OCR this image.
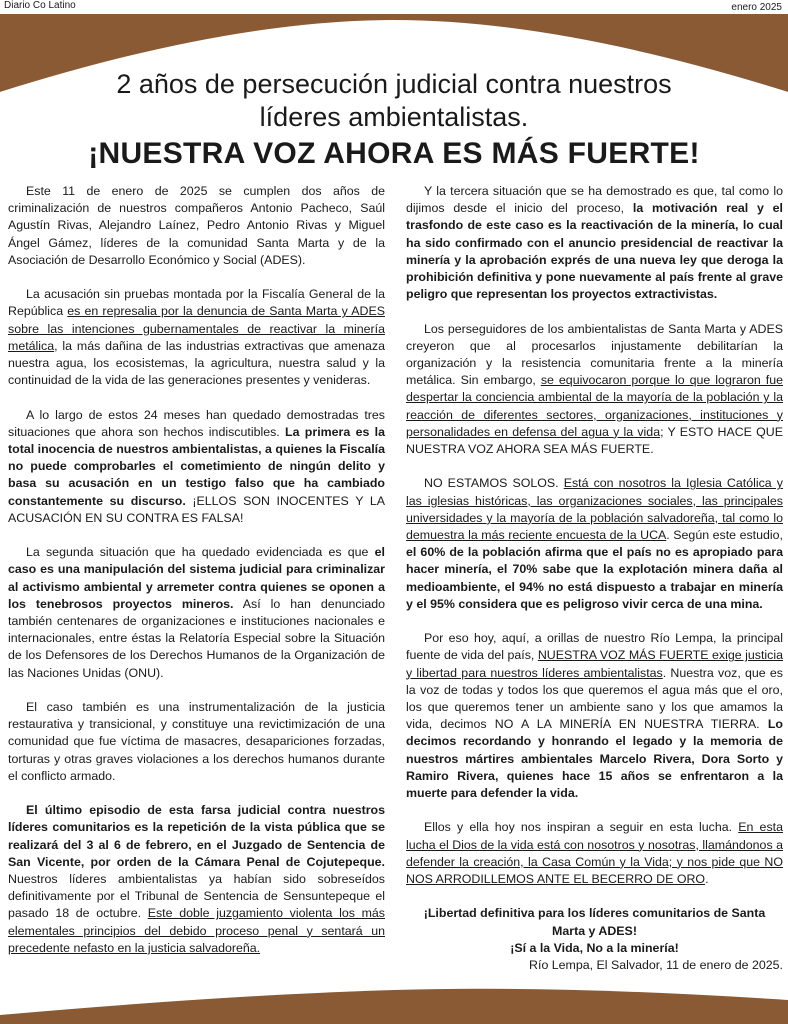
Diario Co Latino	enero 2025
2 años de persecución judicial contra nuestros líderes ambientalistas.
¡NUESTRA VOZ AHORA ES MÁS FUERTE!

Este 11 de enero de 2025 se cumplen dos años de criminalización de nuestros compañeros Antonio Pacheco, Saúl Agustín Rivas, Alejandro Laínez, Pedro Antonio Rivas y Miguel Ángel Gámez, líderes de la comunidad Santa Marta y de la Asociación de Desarrollo Económico y Social (ADES).

La acusación sin pruebas montada por la Fiscalía General de la República es en represalia por la denuncia de Santa Marta y ADES sobre las intenciones gubernamentales de reactivar la minería metálica, la más dañina de las industrias extractivas que amenaza nuestra agua, los ecosistemas, la agricultura, nuestra salud y la continuidad de la vida de las generaciones presentes y venideras.

A lo largo de estos 24 meses han quedado demostradas tres situaciones que ahora son hechos indiscutibles. La primera es la total inocencia de nuestros ambientalistas, a quienes la Fiscalía no puede comprobarles el cometimiento de ningún delito y basa su acusación en un testigo falso que ha cambiado constantemente su discurso. ¡ELLOS SON INOCENTES Y LA ACUSACIÓN EN SU CONTRA ES FALSA!

La segunda situación que ha quedado evidenciada es que el caso es una manipulación del sistema judicial para criminalizar al activismo ambiental y arremeter contra quienes se oponen a los tenebrosos proyectos mineros. Así lo han denunciado también centenares de organizaciones e instituciones nacionales e internacionales, entre éstas la Relatoría Especial sobre la Situación de los Defensores de los Derechos Humanos de la Organización de las Naciones Unidas (ONU).

El caso también es una instrumentalización de la justicia restaurativa y transicional, y constituye una revictimización de una comunidad que fue víctima de masacres, desapariciones forzadas, torturas y otras graves violaciones a los derechos humanos durante el conflicto armado.

El último episodio de esta farsa judicial contra nuestros líderes comunitarios es la repetición de la vista pública que se realizará del 3 al 6 de febrero, en el Juzgado de Sentencia de San Vicente, por orden de la Cámara Penal de Cojutepeque. Nuestros líderes ambientalistas ya habían sido sobreseídos definitivamente por el Tribunal de Sentencia de Sensuntepeque el pasado 18 de octubre. Este doble juzgamiento violenta los más elementales principios del debido proceso penal y sentará un precedente nefasto en la justicia salvadoreña.

Y la tercera situación que se ha demostrado es que, tal como lo dijimos desde el inicio del proceso, la motivación real y el trasfondo de este caso es la reactivación de la minería, lo cual ha sido confirmado con el anuncio presidencial de reactivar la minería y la aprobación exprés de una nueva ley que deroga la prohibición definitiva y pone nuevamente al país frente al grave peligro que representan los proyectos extractivistas.

Los perseguidores de los ambientalistas de Santa Marta y ADES creyeron que al procesarlos injustamente debilitarían la organización y la resistencia comunitaria frente a la minería metálica. Sin embargo, se equivocaron porque lo que lograron fue despertar la conciencia ambiental de la mayoría de la población y la reacción de diferentes sectores, organizaciones, instituciones y personalidades en defensa del agua y la vida; Y ESTO HACE QUE NUESTRA VOZ AHORA SEA MÁS FUERTE.

NO ESTAMOS SOLOS. Está con nosotros la Iglesia Católica y las iglesias históricas, las organizaciones sociales, las principales universidades y la mayoría de la población salvadoreña, tal como lo demuestra la más reciente encuesta de la UCA. Según este estudio, el 60% de la población afirma que el país no es apropiado para hacer minería, el 70% sabe que la explotación minera daña al medioambiente, el 94% no está dispuesto a trabajar en minería y el 95% considera que es peligroso vivir cerca de una mina.

Por eso hoy, aquí, a orillas de nuestro Río Lempa, la principal fuente de vida del país, NUESTRA VOZ MÁS FUERTE exige justicia y libertad para nuestros líderes ambientalistas. Nuestra voz, que es la voz de todas y todos los que queremos el agua más que el oro, los que queremos tener un ambiente sano y los que amamos la vida, decimos NO A LA MINERÍA EN NUESTRA TIERRA. Lo decimos recordando y honrando el legado y la memoria de nuestros mártires ambientales Marcelo Rivera, Dora Sorto y Ramiro Rivera, quienes hace 15 años se enfrentaron a la muerte para defender la vida.

Ellos y ella hoy nos inspiran a seguir en esta lucha. En esta lucha el Dios de la vida está con nosotros y nosotras, llamándonos a defender la creación, la Casa Común y la Vida; y nos pide que NO NOS ARRODILLEMOS ANTE EL BECERRO DE ORO.

¡Libertad definitiva para los líderes comunitarios de Santa Marta y ADES!

¡Sí a la Vida, No a la minería!

Río Lempa, El Salvador, 11 de enero de 2025.
